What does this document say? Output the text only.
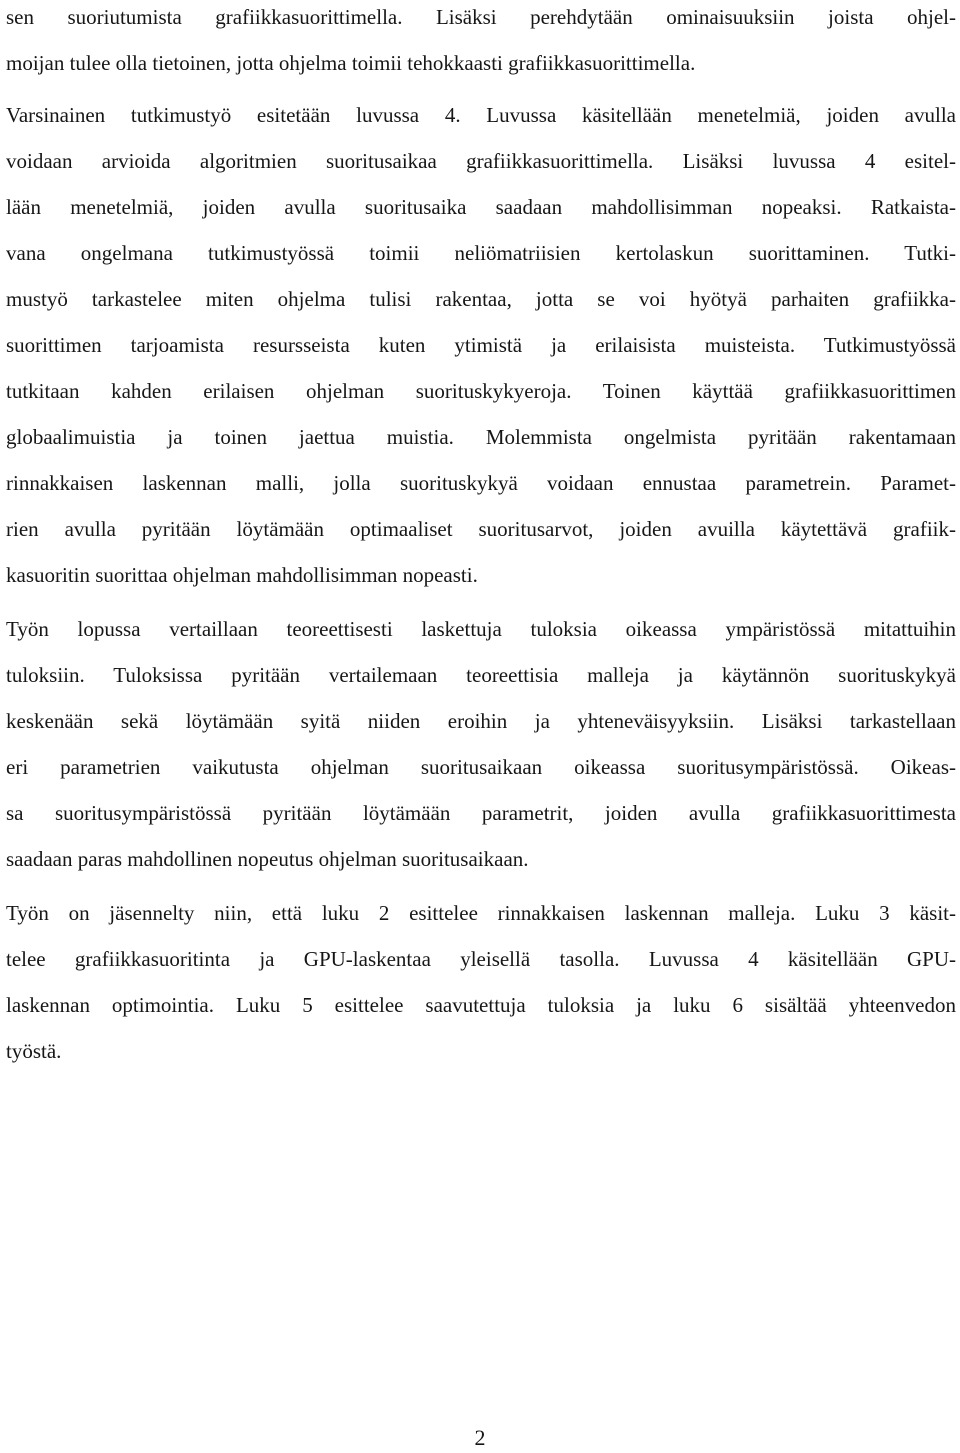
sen suoriutumista grafiikkasuorittimella. Lisäksi perehdytään ominaisuuksiin joista ohjel-
moijan tulee olla tietoinen, jotta ohjelma toimii tehokkaasti grafiikkasuorittimella.

Varsinainen tutkimustyö esitetään luvussa 4. Luvussa käsitellään menetelmiä, joiden avulla
voidaan arvioida algoritmien suoritusaikaa grafiikkasuorittimella. Lisäksi luvussa 4 esitel-
lään menetelmiä, joiden avulla suoritusaika saadaan mahdollisimman nopeaksi. Ratkaista-
vana ongelmana tutkimustyössä toimii neliömatriisien kertolaskun suorittaminen. Tutki-
mustyö tarkastelee miten ohjelma tulisi rakentaa, jotta se voi hyötyä parhaiten grafiikka-
suorittimen tarjoamista resursseista kuten ytimistä ja erilaisista muisteista. Tutkimustyössä
tutkitaan kahden erilaisen ohjelman suorituskykyeroja. Toinen käyttää grafiikkasuorittimen
globaalimuistia ja toinen jaettua muistia. Molemmista ongelmista pyritään rakentamaan
rinnakkaisen laskennan malli, jolla suorituskykyä voidaan ennustaa parametrein. Paramet-
rien avulla pyritään löytämään optimaaliset suoritusarvot, joiden avuilla käytettävä grafiik-
kasuoritin suorittaa ohjelman mahdollisimman nopeasti.

Työn lopussa vertaillaan teoreettisesti laskettuja tuloksia oikeassa ympäristössä mitattuihin
tuloksiin. Tuloksissa pyritään vertailemaan teoreettisia malleja ja käytännön suorituskykyä
keskenään sekä löytämään syitä niiden eroihin ja yhteneväisyyksiin. Lisäksi tarkastellaan
eri parametrien vaikutusta ohjelman suoritusaikaan oikeassa suoritusympäristössä. Oikeas-
sa suoritusympäristössä pyritään löytämään parametrit, joiden avulla grafiikkasuorittimesta
saadaan paras mahdollinen nopeutus ohjelman suoritusaikaan.

Työn on jäsennelty niin, että luku 2 esittelee rinnakkaisen laskennan malleja. Luku 3 käsit-
telee grafiikkasuoritinta ja GPU-laskentaa yleisellä tasolla. Luvussa 4 käsitellään GPU-
laskennan optimointia. Luku 5 esittelee saavutettuja tuloksia ja luku 6 sisältää yhteenvedon
työstä.

2
